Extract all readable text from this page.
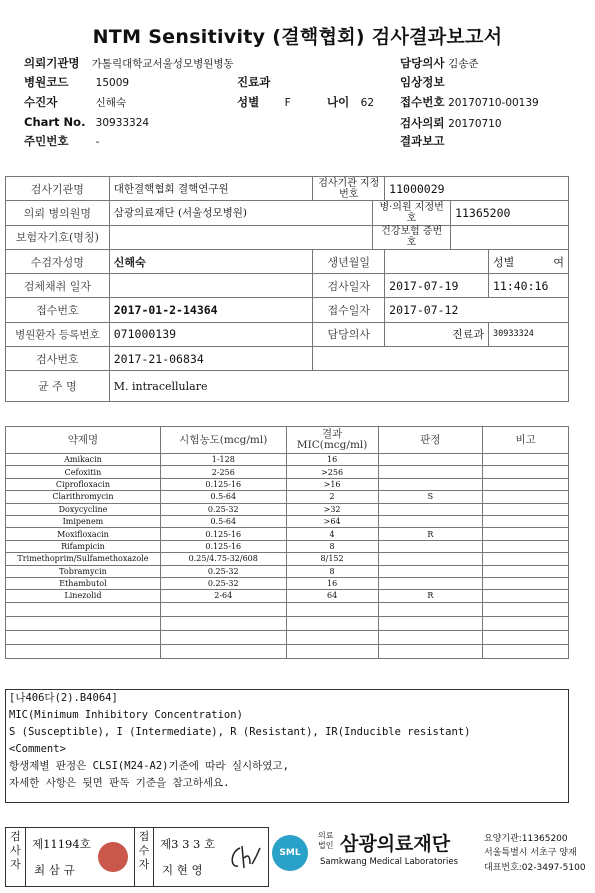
NTM Sensitivity (결핵협회) 검사결과보고서
의뢰기관명 가톨릭대학교서울성모병원병동	담당의사 김송준
병원코드	15009	진료과	임상정보
수진자	신해숙	성별 F	나이 62 접수번호 20170710-00139
Chart No. 30933324	검사의뢰 20170710
주민번호	-	결과보고
검사기관명	대한결핵협회 결핵연구원	검사기관 지정번호		11000029		
의뢰 병의원명	삼광의료재단 (서울성모병원)		병·의원 지정번호		11365200	
보험자기호(명칭)			건강보험 증번호			
수검자성명	신해숙	생년월일				성별 여

검체채취 일자		검사일자		2017-07-19		11:40:16
접수번호	2017-01-2-14364	접수일자		2017-07-12		
병원환자 등록번호	071000139	담당의사		진료과		30933324
검사번호	2017-21-06834					
균 주 명	M. intracellulare					
약제명	시험농도(mcg/ml)	결과 MIC(mcg/ml)	판정	비고
Amikacin	1-128	16		
Cefoxitin	2-256	>256		
Ciprofloxacin	0.125-16	>16		
Clarithromycin	0.5-64	2	S	
Doxycycline	0.25-32	>32		
Imipenem	0.5-64	>64		
Moxifloxacin	0.125-16	4	R	
Rifampicin	0.125-16	8		
Trimethoprim/Sulfamethoxazole	0.25/4.75-32/608	8/152		
Tobramycin	0.25-32	8		
Ethambutol	0.25-32	16		
Linezolid	2-64	64	R	

[나406다(2).B4064]
MIC(Minimum Inhibitory Concentration)
S (Susceptible), I (Intermediate), R (Resistant), IR(Inducible resistant)
<Comment>
항생제별 판정은 CLSI(M24-A2)기준에 따라 실시하였고,
자세한 사항은 뒷면 판독 기준을 참고하세요.
검사자
제11194호
최 삼 규
접수자
제3 3 3 호
지 현 영
SML
의료법인 삼광의료재단
Samkwang Medical Laboratories
요양기관:11365200
서울특별시 서초구 양재
대표번호:02-3497-5100
